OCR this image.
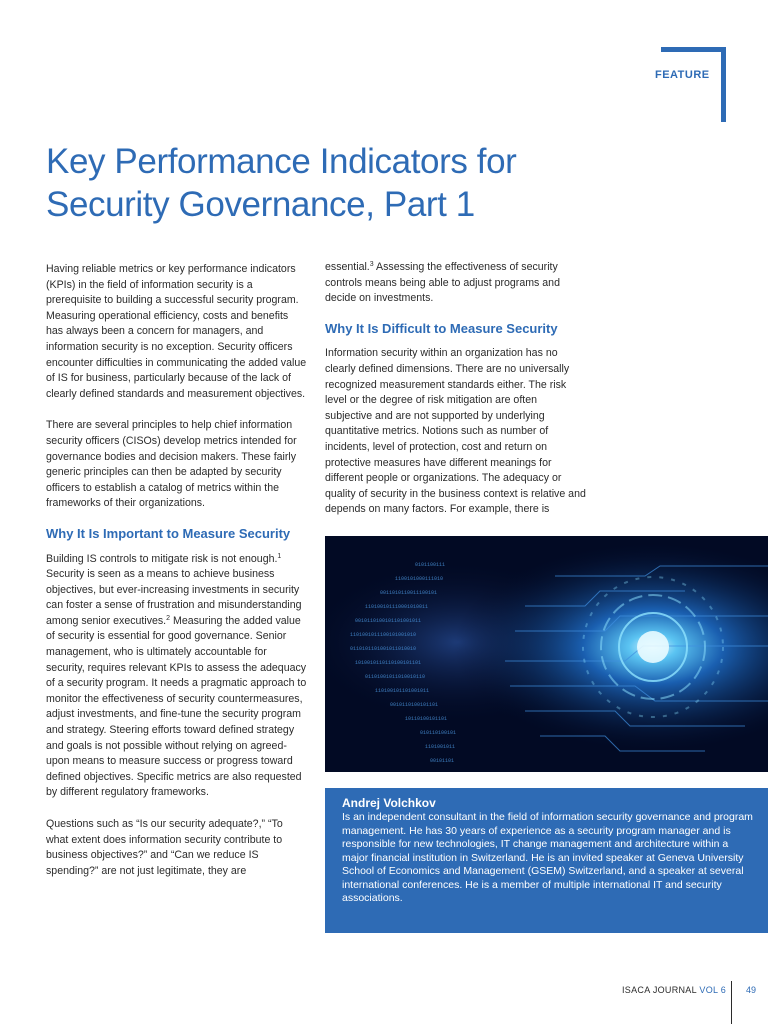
FEATURE
Key Performance Indicators for
Security Governance, Part 1

Having reliable metrics or key performance indicators (KPIs) in the field of information security is a prerequisite to building a successful security program. Measuring operational efficiency, costs and benefits has always been a concern for managers, and information security is no exception. Security officers encounter difficulties in communicating the added value of IS for business, particularly because of the lack of clearly defined standards and measurement objectives.

There are several principles to help chief information security officers (CISOs) develop metrics intended for governance bodies and decision makers. These fairly generic principles can then be adapted by security officers to establish a catalog of metrics within the frameworks of their organizations.

Why It Is Important to Measure Security

Building IS controls to mitigate risk is not enough.$^1$ Security is seen as a means to achieve business objectives, but ever-increasing investments in security can foster a sense of frustration and misunderstanding among senior executives.$^2$ Measuring the added value of security is essential for good governance. Senior management, who is ultimately accountable for security, requires relevant KPIs to assess the adequacy of a security program. It needs a pragmatic approach to monitor the effectiveness of security countermeasures, adjust investments, and fine-tune the security program and strategy. Steering efforts toward defined strategy and goals is not possible without relying on agreed-upon means to measure success or progress toward defined objectives. Specific metrics are also requested by different regulatory frameworks.

Questions such as “Is our security adequate?,” “To what extent does information security contribute to business objectives?” and “Can we reduce IS spending?” are not just legitimate, they are

essential.$^3$ Assessing the effectiveness of security controls means being able to adjust programs and decide on investments.

Why It Is Difficult to Measure Security

Information security within an organization has no clearly defined dimensions. There are no universally recognized measurement standards either. The risk level or the degree of risk mitigation are often subjective and are not supported by underlying quantitative metrics. Notions such as number of incidents, level of protection, cost and return on protective measures have different meanings for different people or organizations. The adequacy or quality of security in the business context is relative and depends on many factors. For example, there is

0101100111
1100101000111010
0011010110011100101
110100101110001010011
0010110100101101001011
1101001011100101001010
0110101101001011010010
1010010110110100101101
01101001011010010110
110100101101001011
0010110100101101
10110100101101
010110100101
1101001011
00101101
Andrej Volchkov

Is an independent consultant in the field of information security governance and program management. He has 30 years of experience as a security program manager and is responsible for new technologies, IT change management and architecture within a major financial institution in Switzerland. He is an invited speaker at Geneva University School of Economics and Management (GSEM) Switzerland, and a speaker at several international conferences. He is a member of multiple international IT and security associations.

ISACA JOURNAL VOL 6 49
